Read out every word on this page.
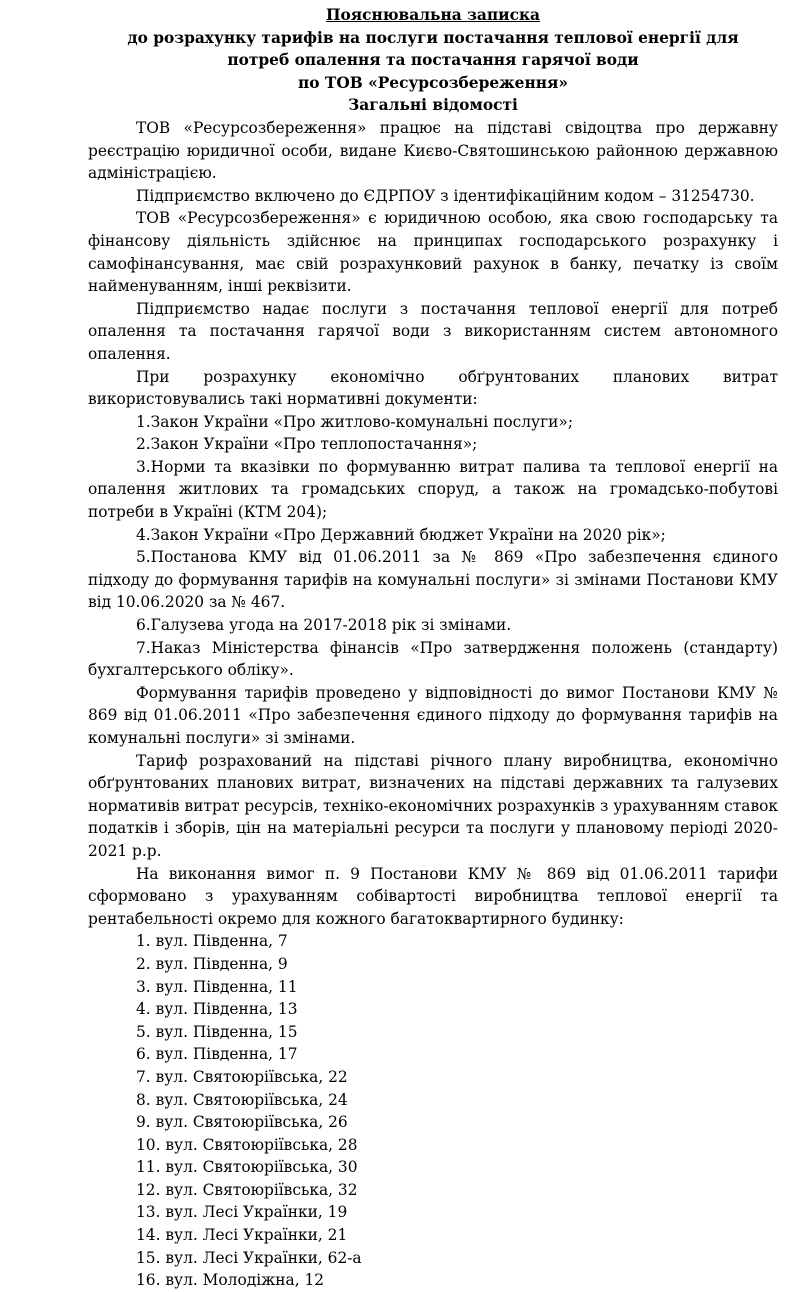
Пояснювальна записка

до розрахунку тарифів на послуги постачання теплової енергії для

потреб опалення та постачання гарячої води

по ТОВ «Ресурсозбереження»

Загальні відомості

ТОВ «Ресурсозбереження» працює на підставі свідоцтва про державну реєстрацію юридичної особи, видане Києво-Святошинською районною державною адміністрацією.

Підприємство включено до ЄДРПОУ з ідентифікаційним кодом – 31254730.

ТОВ «Ресурсозбереження» є юридичною особою, яка свою господарську та фінансову діяльність здійснює на принципах господарського розрахунку і самофінансування, має свій розрахунковий рахунок в банку, печатку із своїм найменуванням, інші реквізити.

Підприємство надає послуги з постачання теплової енергії для потреб опалення та постачання гарячої води з використанням систем автономного опалення.

При розрахунку економічно обґрунтованих планових витрат використовувались такі нормативні документи:

1.Закон України «Про житлово-комунальні послуги»;

2.Закон України «Про теплопостачання»;

3.Норми та вказівки по формуванню витрат палива та теплової енергії на опалення житлових та громадських споруд, а також на громадсько-побутові потреби в Україні (КТМ 204);

4.Закон України «Про Державний бюджет України на 2020 рік»;

5.Постанова КМУ від 01.06.2011 за № 869 «Про забезпечення єдиного підходу до формування тарифів на комунальні послуги» зі змінами Постанови КМУ від 10.06.2020 за № 467.

6.Галузева угода на 2017-2018 рік зі змінами.

7.Наказ Міністерства фінансів «Про затвердження положень (стандарту) бухгалтерського обліку».

Формування тарифів проведено у відповідності до вимог Постанови КМУ № 869 від 01.06.2011 «Про забезпечення єдиного підходу до формування тарифів на комунальні послуги» зі змінами.

Тариф розрахований на підставі річного плану виробництва, економічно обґрунтованих планових витрат, визначених на підставі державних та галузевих нормативів витрат ресурсів, техніко-економічних розрахунків з урахуванням ставок податків і зборів, цін на матеріальні ресурси та послуги у плановому періоді 2020-2021 р.р.

На виконання вимог п. 9 Постанови КМУ № 869 від 01.06.2011 тарифи сформовано з урахуванням собівартості виробництва теплової енергії та рентабельності окремо для кожного багатоквартирного будинку:

1. вул. Південна, 7
2. вул. Південна, 9
3. вул. Південна, 11
4. вул. Південна, 13
5. вул. Південна, 15
6. вул. Південна, 17
7. вул. Святоюріївська, 22
8. вул. Святоюріївська, 24
9. вул. Святоюріївська, 26
10. вул. Святоюріївська, 28
11. вул. Святоюріївська, 30
12. вул. Святоюріївська, 32
13. вул. Лесі Українки, 19
14. вул. Лесі Українки, 21
15. вул. Лесі Українки, 62-а
16. вул. Молодіжна, 12
